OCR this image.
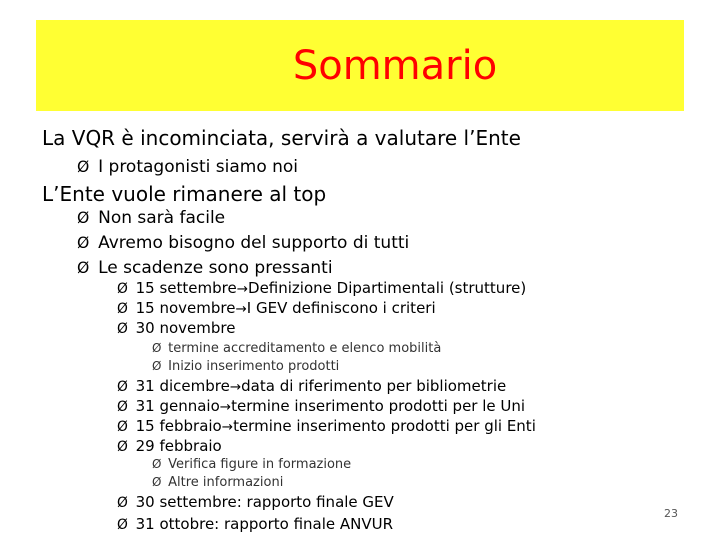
Sommario
La VQR è incominciata, servirà a valutare l’Ente
Ø I protagonisti siamo noi
L’Ente vuole rimanere al top
Ø Non sarà facile
Ø Avremo bisogno del supporto di tutti
Ø Le scadenze sono pressanti
Ø 15 settembre→Definizione Dipartimentali (strutture)
Ø 15 novembre→I GEV definiscono i criteri
Ø 30 novembre
Ø termine accreditamento e elenco mobilità
Ø Inizio inserimento prodotti
Ø 31 dicembre→data di riferimento per bibliometrie
Ø 31 gennaio→termine inserimento prodotti per le Uni
Ø 15 febbraio→termine inserimento prodotti per gli Enti
Ø 29 febbraio
Ø Verifica figure in formazione
Ø Altre informazioni
Ø 30 settembre: rapporto finale GEV
Ø 31 ottobre: rapporto finale ANVUR
23
